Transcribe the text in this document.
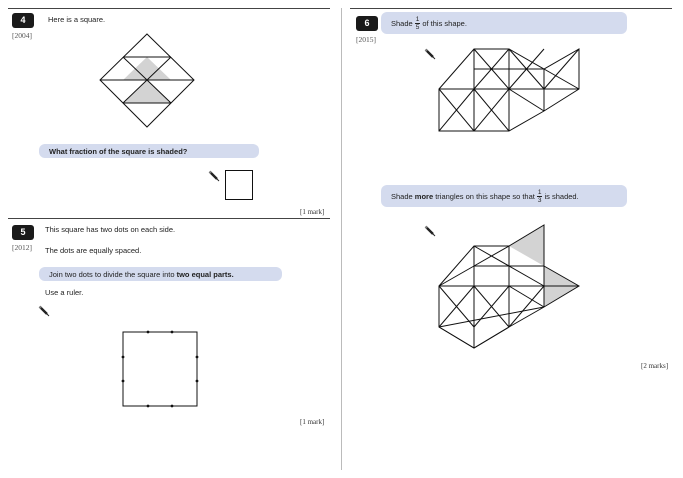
4
[2004]
Here is a square.
What fraction of the square is shaded?
[1 mark]
5
[2012]
This square has two dots on each side.
The dots are equally spaced.
Join two dots to divide the square into two equal parts.
Use a ruler.
[1 mark]
6
[2015]
Shade $\frac{1}{5}$ of this shape.
Shade more triangles on this shape so that $\frac{1}{3}$ is shaded.
[2 marks]
